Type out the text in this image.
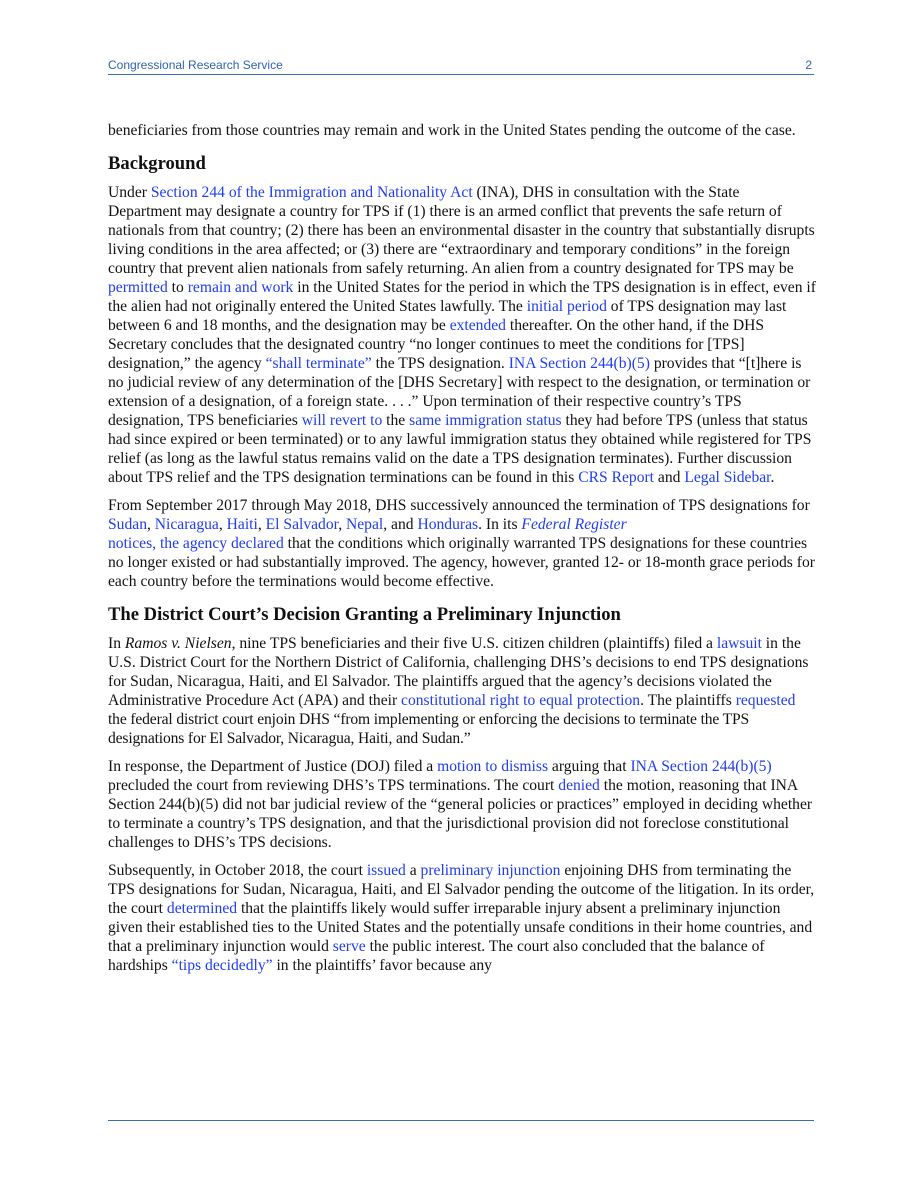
Congressional Research Service	2

beneficiaries from those countries may remain and work in the United States pending the outcome of the case.

Background

Under Section 244 of the Immigration and Nationality Act (INA), DHS in consultation with the State Department may designate a country for TPS if (1) there is an armed conflict that prevents the safe return of nationals from that country; (2) there has been an environmental disaster in the country that substantially disrupts living conditions in the area affected; or (3) there are “extraordinary and temporary conditions” in the foreign country that prevent alien nationals from safely returning. An alien from a country designated for TPS may be permitted to remain and work in the United States for the period in which the TPS designation is in effect, even if the alien had not originally entered the United States lawfully. The initial period of TPS designation may last between 6 and 18 months, and the designation may be extended thereafter. On the other hand, if the DHS Secretary concludes that the designated country “no longer continues to meet the conditions for [TPS] designation,” the agency “shall terminate” the TPS designation. INA Section 244(b)(5) provides that “[t]here is no judicial review of any determination of the [DHS Secretary] with respect to the designation, or termination or extension of a designation, of a foreign state. . . .” Upon termination of their respective country’s TPS designation, TPS beneficiaries will revert to the same immigration status they had before TPS (unless that status had since expired or been terminated) or to any lawful immigration status they obtained while registered for TPS relief (as long as the lawful status remains valid on the date a TPS designation terminates). Further discussion about TPS relief and the TPS designation terminations can be found in this CRS Report and Legal Sidebar.

From September 2017 through May 2018, DHS successively announced the termination of TPS designations for Sudan, Nicaragua, Haiti, El Salvador, Nepal, and Honduras. In its Federal Register
notices, the agency declared that the conditions which originally warranted TPS designations for these countries no longer existed or had substantially improved. The agency, however, granted 12- or 18-month grace periods for each country before the terminations would become effective.

The District Court’s Decision Granting a Preliminary Injunction

In Ramos v. Nielsen, nine TPS beneficiaries and their five U.S. citizen children (plaintiffs) filed a lawsuit in the U.S. District Court for the Northern District of California, challenging DHS’s decisions to end TPS designations for Sudan, Nicaragua, Haiti, and El Salvador. The plaintiffs argued that the agency’s decisions violated the Administrative Procedure Act (APA) and their constitutional right to equal protection. The plaintiffs requested the federal district court enjoin DHS “from implementing or enforcing the decisions to terminate the TPS designations for El Salvador, Nicaragua, Haiti, and Sudan.”

In response, the Department of Justice (DOJ) filed a motion to dismiss arguing that INA Section 244(b)(5) precluded the court from reviewing DHS’s TPS terminations. The court denied the motion, reasoning that INA Section 244(b)(5) did not bar judicial review of the “general policies or practices” employed in deciding whether to terminate a country’s TPS designation, and that the jurisdictional provision did not foreclose constitutional challenges to DHS’s TPS decisions.

Subsequently, in October 2018, the court issued a preliminary injunction enjoining DHS from terminating the TPS designations for Sudan, Nicaragua, Haiti, and El Salvador pending the outcome of the litigation. In its order, the court determined that the plaintiffs likely would suffer irreparable injury absent a preliminary injunction given their established ties to the United States and the potentially unsafe conditions in their home countries, and that a preliminary injunction would serve the public interest. The court also concluded that the balance of hardships “tips decidedly” in the plaintiffs’ favor because any
